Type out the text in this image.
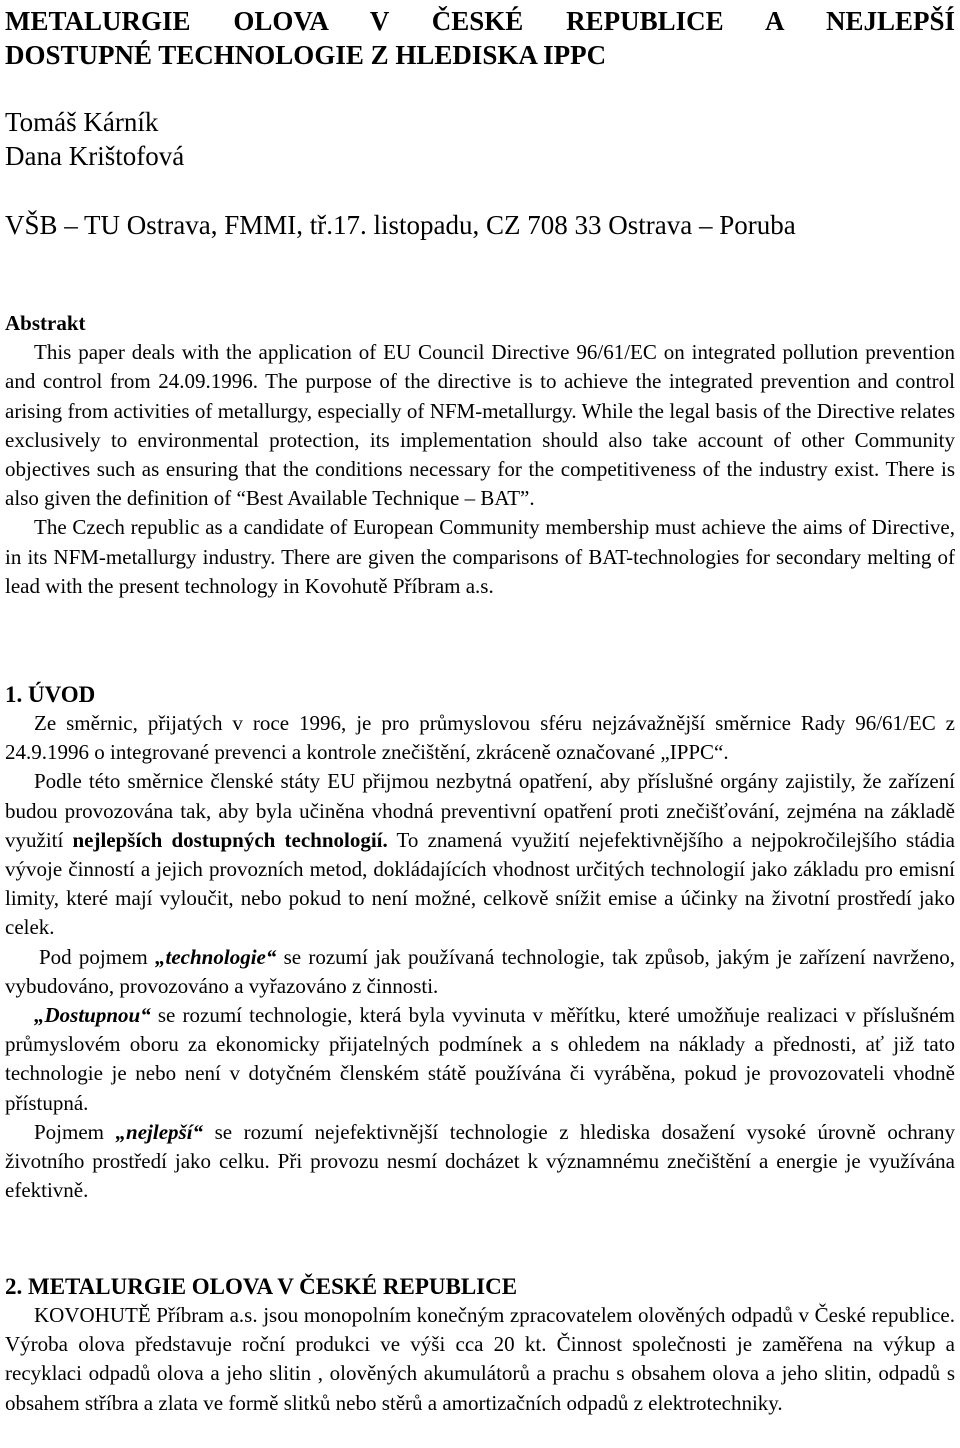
METALURGIE OLOVA V ČESKÉ REPUBLICE A NEJLEPŠÍ
DOSTUPNÉ TECHNOLOGIE Z HLEDISKA IPPC

Tomáš Kárník

Dana Krištofová

VŠB – TU Ostrava, FMMI, tř.17. listopadu, CZ 708 33 Ostrava – Poruba

Abstrakt

This paper deals with the application of EU Council Directive 96/61/EC on integrated pollution prevention and control from 24.09.1996. The purpose of the directive is to achieve the integrated prevention and control arising from activities of metallurgy, especially of NFM-metallurgy. While the legal basis of the Directive relates exclusively to environmental protection, its implementation should also take account of other Community objectives such as ensuring that the conditions necessary for the competitiveness of the industry exist. There is also given the definition of “Best Available Technique – BAT”.

The Czech republic as a candidate of European Community membership must achieve the aims of Directive, in its NFM-metallurgy industry. There are given the comparisons of BAT-technologies for secondary melting of lead with the present technology in Kovohutě Příbram a.s.

1. ÚVOD

Ze směrnic, přijatých v roce 1996, je pro průmyslovou sféru nejzávažnější směrnice Rady 96/61/EC z 24.9.1996 o integrované prevenci a kontrole znečištění, zkráceně označované „IPPC“.

Podle této směrnice členské státy EU přijmou nezbytná opatření, aby příslušné orgány zajistily, že zařízení budou provozována tak, aby byla učiněna vhodná preventivní opatření proti znečišťování, zejména na základě využití nejlepších dostupných technologií. To znamená využití nejefektivnějšího a nejpokročilejšího stádia vývoje činností a jejich provozních metod, dokládajících vhodnost určitých technologií jako základu pro emisní limity, které mají vyloučit, nebo pokud to není možné, celkově snížit emise a účinky na životní prostředí jako celek.

Pod pojmem „technologie“ se rozumí jak používaná technologie, tak způsob, jakým je zařízení navrženo, vybudováno, provozováno a vyřazováno z činnosti.

„Dostupnou“ se rozumí technologie, která byla vyvinuta v měřítku, které umožňuje realizaci v příslušném průmyslovém oboru za ekonomicky přijatelných podmínek a s ohledem na náklady a přednosti, ať již tato technologie je nebo není v dotyčném členském státě používána či vyráběna, pokud je provozovateli vhodně přístupná.

Pojmem „nejlepší“ se rozumí nejefektivnější technologie z hlediska dosažení vysoké úrovně ochrany životního prostředí jako celku. Při provozu nesmí docházet k významnému znečištění a energie je využívána efektivně.

2. METALURGIE OLOVA V ČESKÉ REPUBLICE

KOVOHUTĚ Příbram a.s. jsou monopolním konečným zpracovatelem olověných odpadů v České republice. Výroba olova představuje roční produkci ve výši cca 20 kt. Činnost společnosti je zaměřena na výkup a recyklaci odpadů olova a jeho slitin , olověných akumulátorů a prachu s obsahem olova a jeho slitin, odpadů s obsahem stříbra a zlata ve formě slitků nebo stěrů a amortizačních odpadů z elektrotechniky.
